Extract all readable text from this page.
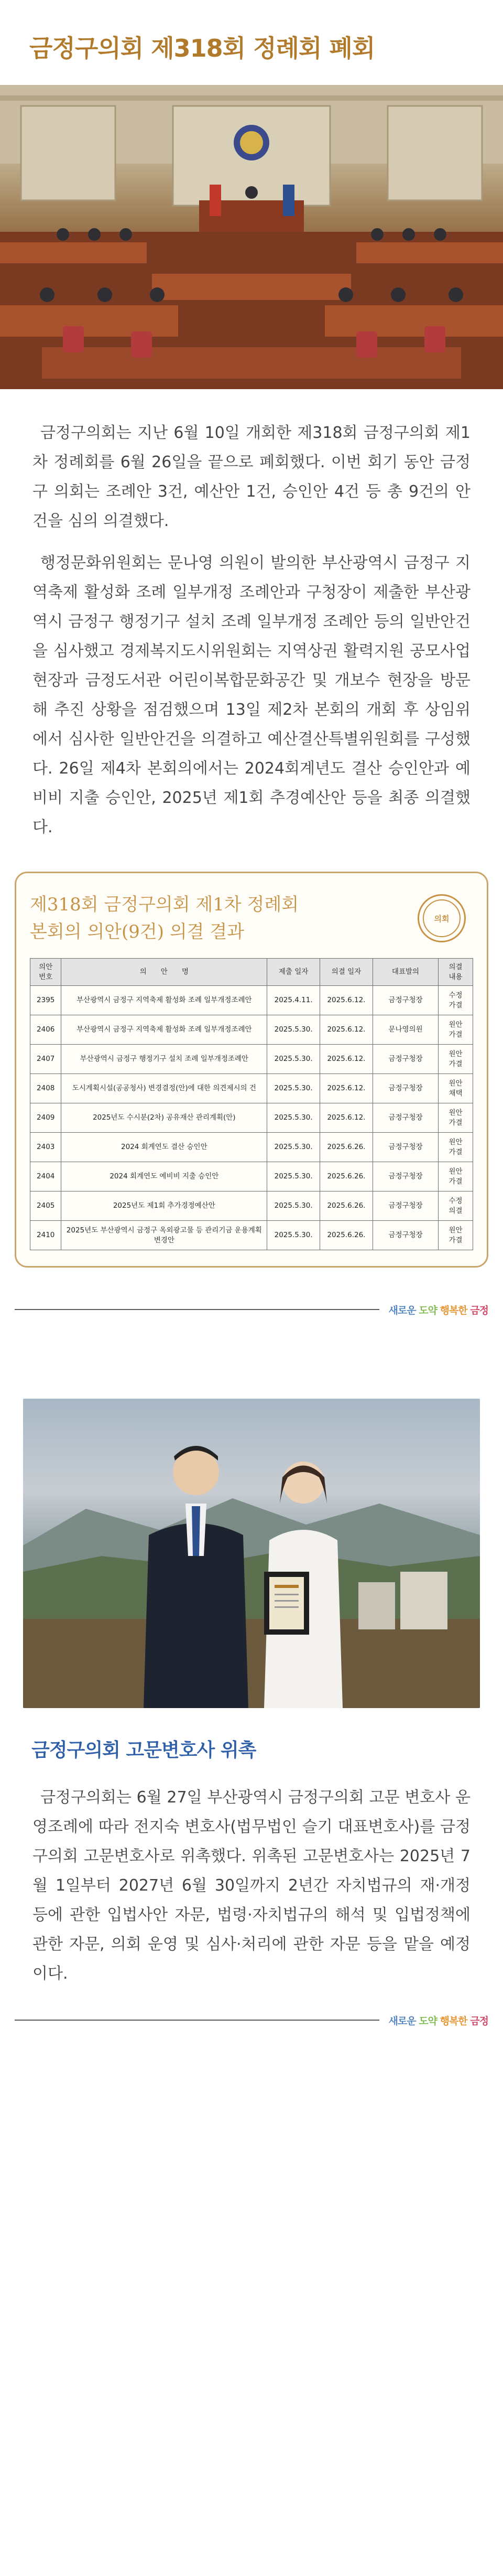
금정구의회 제318회 정례회 폐회

금정구의회는 지난 6월 10일 개회한 제318회 금정구의회 제1차 정례회를 6월 26일을 끝으로 폐회했다. 이번 회기 동안 금정구 의회는 조례안 3건, 예산안 1건, 승인안 4건 등 총 9건의 안건을 심의 의결했다.

행정문화위원회는 문나영 의원이 발의한 부산광역시 금정구 지역축제 활성화 조례 일부개정 조례안과 구청장이 제출한 부산광역시 금정구 행정기구 설치 조례 일부개정 조례안 등의 일반안건을 심사했고 경제복지도시위원회는 지역상권 활력지원 공모사업 현장과 금정도서관 어린이복합문화공간 및 개보수 현장을 방문해 추진 상황을 점검했으며 13일 제2차 본회의 개회 후 상임위에서 심사한 일반안건을 의결하고 예산결산특별위원회를 구성했다. 26일 제4차 본회의에서는 2024회계년도 결산 승인안과 예비비 지출 승인안, 2025년 제1회 추경예산안 등을 최종 의결했다.

제318회 금정구의회 제1차 정례회
본회의 의안(9건) 의결 결과
의회
의안
번호	의　　안　　명	제출 일자	의결 일자	대표발의	의결
내용
2395	부산광역시 금정구 지역축제 활성화 조례 일부개정조례안	2025.4.11.	2025.6.12.	금정구청장	수정
가결
2406	부산광역시 금정구 지역축제 활성화 조례 일부개정조례안	2025.5.30.	2025.6.12.	문나영의원	원안
가결
2407	부산광역시 금정구 행정기구 설치 조례 일부개정조례안	2025.5.30.	2025.6.12.	금정구청장	원안
가결
2408	도시계획시설(공공청사) 변경결정(안)에 대한 의견제시의 건	2025.5.30.	2025.6.12.	금정구청장	원안
채택
2409	2025년도 수시분(2차) 공유재산 관리계획(안)	2025.5.30.	2025.6.12.	금정구청장	원안
가결
2403	2024 회계연도 결산 승인안	2025.5.30.	2025.6.26.	금정구청장	원안
가결
2404	2024 회계연도 예비비 지출 승인안	2025.5.30.	2025.6.26.	금정구청장	원안
가결
2405	2025년도 제1회 추가경정예산안	2025.5.30.	2025.6.26.	금정구청장	수정
의결
2410	2025년도 부산광역시 금정구 옥외광고물 등 관리기금 운용계획 변경안	2025.5.30.	2025.6.26.	금정구청장	원안
가결
새로운 도약 행복한 금정
금정구의회 고문변호사 위촉

금정구의회는 6월 27일 부산광역시 금정구의회 고문 변호사 운영조례에 따라 전지숙 변호사(법무법인 슬기 대표변호사)를 금정구의회 고문변호사로 위촉했다. 위촉된 고문변호사는 2025년 7월 1일부터 2027년 6월 30일까지 2년간 자치법규의 재·개정 등에 관한 입법사안 자문, 법령·자치법규의 해석 및 입법정책에 관한 자문, 의회 운영 및 심사·처리에 관한 자문 등을 맡을 예정이다.

새로운 도약 행복한 금정
